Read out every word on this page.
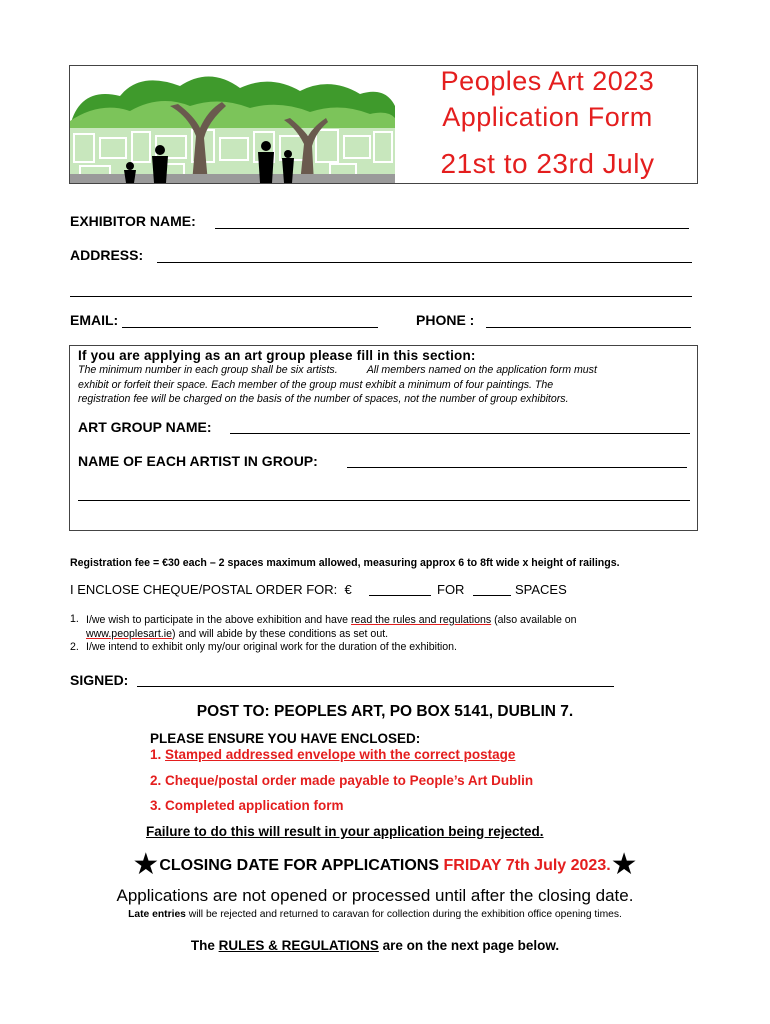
Peoples Art 2023
Application Form
21st to 23rd July
EXHIBITOR NAME:
ADDRESS:
EMAIL:	PHONE :
If you are applying as an art group please fill in this section:
The minimum number in each group shall be six artists.          All members named on the application form must
exhibit or forfeit their space. Each member of the group must exhibit a minimum of four paintings. The
registration fee will be charged on the basis of the number of spaces, not the number of group exhibitors.
ART GROUP NAME:
NAME OF EACH ARTIST IN GROUP:
Registration fee = €30 each – 2 spaces maximum allowed, measuring approx 6 to 8ft wide x height of railings.
I ENCLOSE CHEQUE/POSTAL ORDER FOR:  €	FOR	SPACES
1. I/we wish to participate in the above exhibition and have read the rules and regulations (also available on
www.peoplesart.ie) and will abide by these conditions as set out.
2. I/we intend to exhibit only my/our original work for the duration of the exhibition.
SIGNED:
POST TO: PEOPLES ART, PO BOX 5141, DUBLIN 7.
PLEASE ENSURE YOU HAVE ENCLOSED:
1. Stamped addressed envelope with the correct postage
2. Cheque/postal order made payable to People’s Art Dublin
3. Completed application form
Failure to do this will result in your application being rejected.
★CLOSING DATE FOR APPLICATIONS FRIDAY 7th July 2023.★
Applications are not opened or processed until after the closing date.
Late entries will be rejected and returned to caravan for collection during the exhibition office opening times.
The RULES & REGULATIONS are on the next page below.
